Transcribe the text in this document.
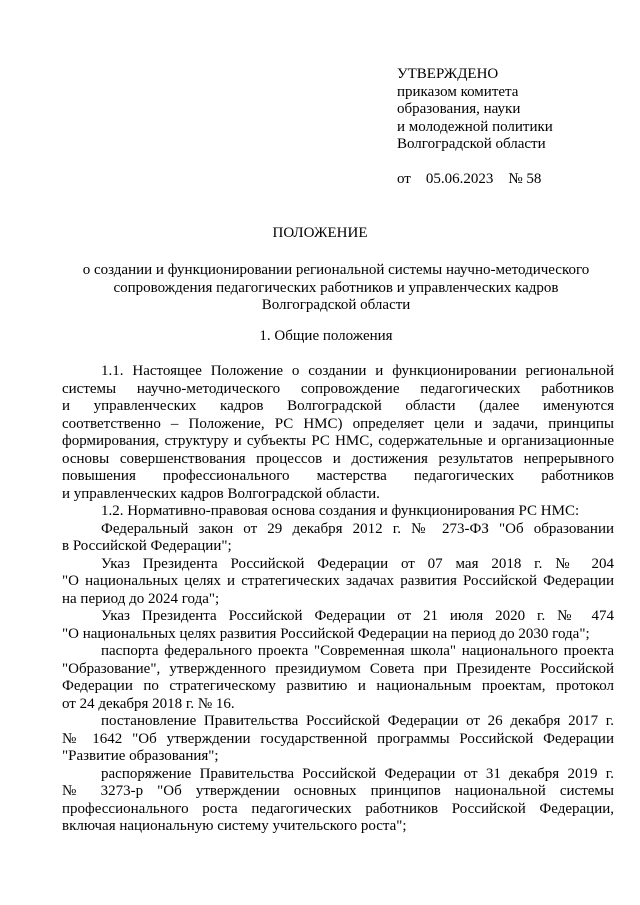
УТВЕРЖДЕНО
приказом комитета
образования, науки
и молодежной политики
Волгоградской области
от 05.06.2023 № 58
ПОЛОЖЕНИЕ
о создании и функционировании региональной системы научно-методического
сопровождения педагогических работников и управленческих кадров
Волгоградской области
1. Общие положения
1.1. Настоящее Положение о создании и функционировании региональной
системы научно-методического сопровождение педагогических работников
и управленческих кадров Волгоградской области (далее именуются
соответственно – Положение, РС НМС) определяет цели и задачи, принципы
формирования, структуру и субъекты РС НМС, содержательные и организационные
основы совершенствования процессов и достижения результатов непрерывного
повышения профессионального мастерства педагогических работников
и управленческих кадров Волгоградской области.
1.2. Нормативно-правовая основа создания и функционирования РС НМС:
Федеральный закон от 29 декабря 2012 г. № 273-ФЗ "Об образовании
в Российской Федерации";
Указ Президента Российской Федерации от 07 мая 2018 г. № 204
"О национальных целях и стратегических задачах развития Российской Федерации
на период до 2024 года";
Указ Президента Российской Федерации от 21 июля 2020 г. № 474
"О национальных целях развития Российской Федерации на период до 2030 года";
паспорта федерального проекта "Современная школа" национального проекта
"Образование", утвержденного президиумом Совета при Президенте Российской
Федерации по стратегическому развитию и национальным проектам, протокол
от 24 декабря 2018 г. № 16.
постановление Правительства Российской Федерации от 26 декабря 2017 г.
№ 1642 "Об утверждении государственной программы Российской Федерации
"Развитие образования";
распоряжение Правительства Российской Федерации от 31 декабря 2019 г.
№ 3273-р "Об утверждении основных принципов национальной системы
профессионального роста педагогических работников Российской Федерации,
включая национальную систему учительского роста";
